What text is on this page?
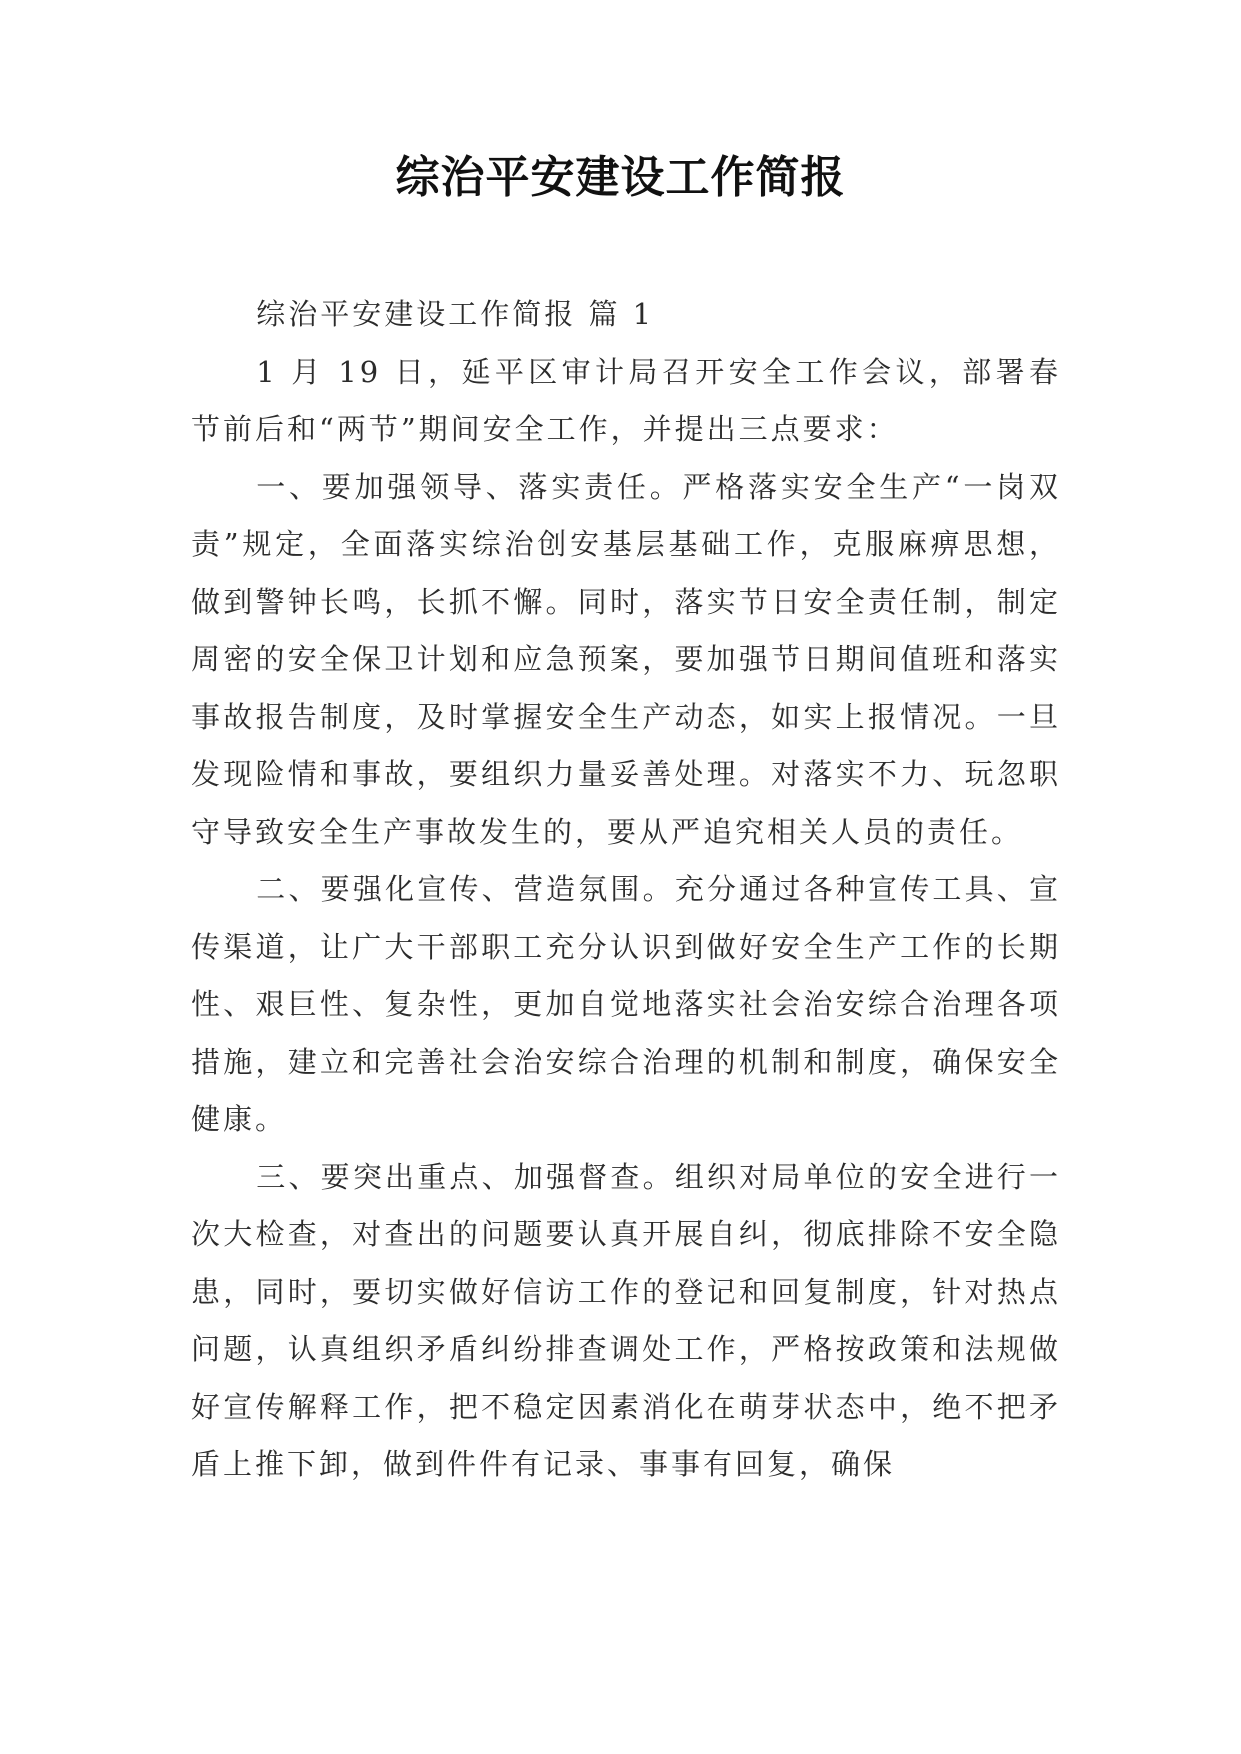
综治平安建设工作简报

综治平安建设工作简报 篇 1

1 月 19 日，延平区审计局召开安全工作会议，部署春节前后和“两节”期间安全工作，并提出三点要求：

一、要加强领导、落实责任。严格落实安全生产“一岗双责”规定，全面落实综治创安基层基础工作，克服麻痹思想，做到警钟长鸣，长抓不懈。同时，落实节日安全责任制，制定周密的安全保卫计划和应急预案，要加强节日期间值班和落实事故报告制度，及时掌握安全生产动态，如实上报情况。一旦发现险情和事故，要组织力量妥善处理。对落实不力、玩忽职守导致安全生产事故发生的，要从严追究相关人员的责任。

二、要强化宣传、营造氛围。充分通过各种宣传工具、宣传渠道，让广大干部职工充分认识到做好安全生产工作的长期性、艰巨性、复杂性，更加自觉地落实社会治安综合治理各项措施，建立和完善社会治安综合治理的机制和制度，确保安全健康。

三、要突出重点、加强督查。组织对局单位的安全进行一次大检查，对查出的问题要认真开展自纠，彻底排除不安全隐患，同时，要切实做好信访工作的登记和回复制度，针对热点问题，认真组织矛盾纠纷排查调处工作，严格按政策和法规做好宣传解释工作，把不稳定因素消化在萌芽状态中，绝不把矛盾上推下卸，做到件件有记录、事事有回复，确保
